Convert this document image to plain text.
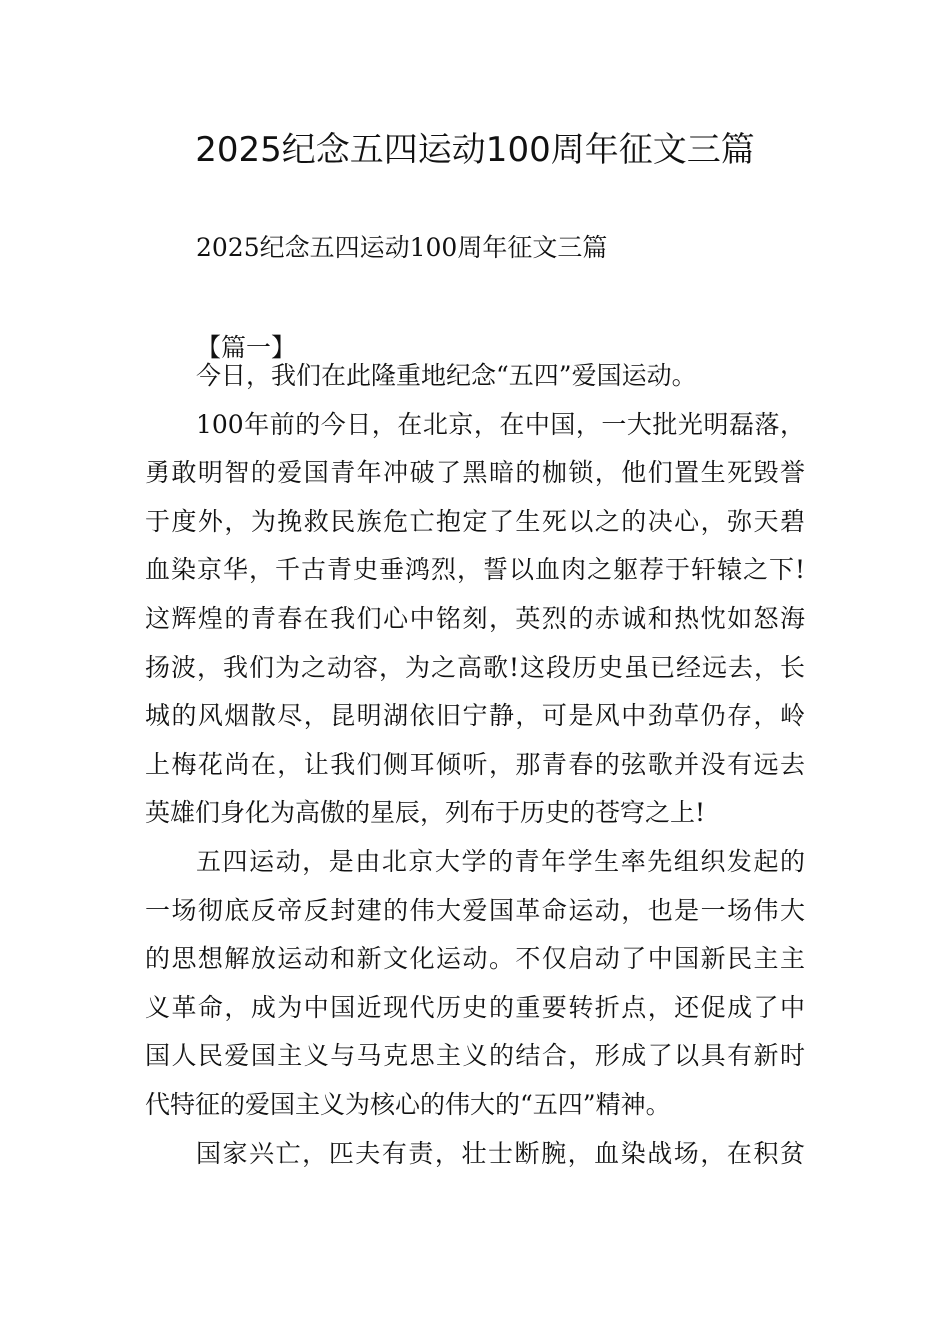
2025纪念五四运动100周年征文三篇

2025纪念五四运动100周年征文三篇

【篇一】

今日，我们在此隆重地纪念“五四”爱国运动。
100年前的今日，在北京，在中国，一大批光明磊落，
勇敢明智的爱国青年冲破了黑暗的枷锁，他们置生死毁誉
于度外，为挽救民族危亡抱定了生死以之的决心，弥天碧
血染京华，千古青史垂鸿烈，誓以血肉之躯荐于轩辕之下!
这辉煌的青春在我们心中铭刻，英烈的赤诚和热忱如怒海
扬波，我们为之动容，为之高歌!这段历史虽已经远去，长
城的风烟散尽，昆明湖依旧宁静，可是风中劲草仍存，岭
上梅花尚在，让我们侧耳倾听，那青春的弦歌并没有远去
英雄们身化为高傲的星辰，列布于历史的苍穹之上!
五四运动，是由北京大学的青年学生率先组织发起的
一场彻底反帝反封建的伟大爱国革命运动，也是一场伟大
的思想解放运动和新文化运动。不仅启动了中国新民主主
义革命，成为中国近现代历史的重要转折点，还促成了中
国人民爱国主义与马克思主义的结合，形成了以具有新时
代特征的爱国主义为核心的伟大的“五四”精神。
国家兴亡，匹夫有责，壮士断腕，血染战场，在积贫
